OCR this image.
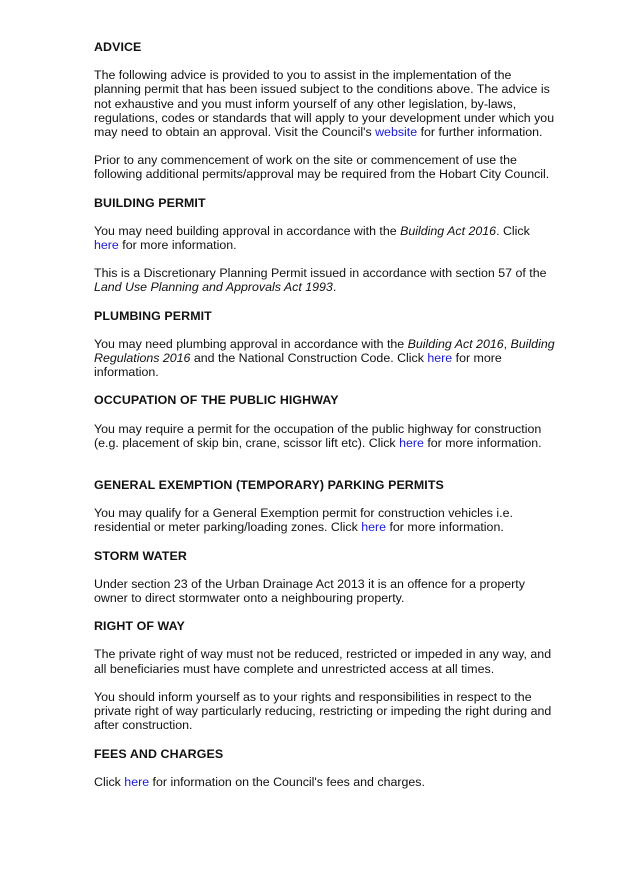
ADVICE

The following advice is provided to you to assist in the implementation of the planning permit that has been issued subject to the conditions above. The advice is not exhaustive and you must inform yourself of any other legislation, by-laws, regulations, codes or standards that will apply to your development under which you may need to obtain an approval. Visit the Council's website for further information.

Prior to any commencement of work on the site or commencement of use the following additional permits/approval may be required from the Hobart City Council.

BUILDING PERMIT

You may need building approval in accordance with the Building Act 2016. Click here for more information.

This is a Discretionary Planning Permit issued in accordance with section 57 of the Land Use Planning and Approvals Act 1993.

PLUMBING PERMIT

You may need plumbing approval in accordance with the Building Act 2016, Building Regulations 2016 and the National Construction Code. Click here for more information.

OCCUPATION OF THE PUBLIC HIGHWAY

You may require a permit for the occupation of the public highway for construction (e.g. placement of skip bin, crane, scissor lift etc). Click here for more information.

GENERAL EXEMPTION (TEMPORARY) PARKING PERMITS

You may qualify for a General Exemption permit for construction vehicles i.e. residential or meter parking/loading zones. Click here for more information.

STORM WATER

Under section 23 of the Urban Drainage Act 2013 it is an offence for a property owner to direct stormwater onto a neighbouring property.

RIGHT OF WAY

The private right of way must not be reduced, restricted or impeded in any way, and all beneficiaries must have complete and unrestricted access at all times.

You should inform yourself as to your rights and responsibilities in respect to the private right of way particularly reducing, restricting or impeding the right during and after construction.

FEES AND CHARGES

Click here for information on the Council's fees and charges.
